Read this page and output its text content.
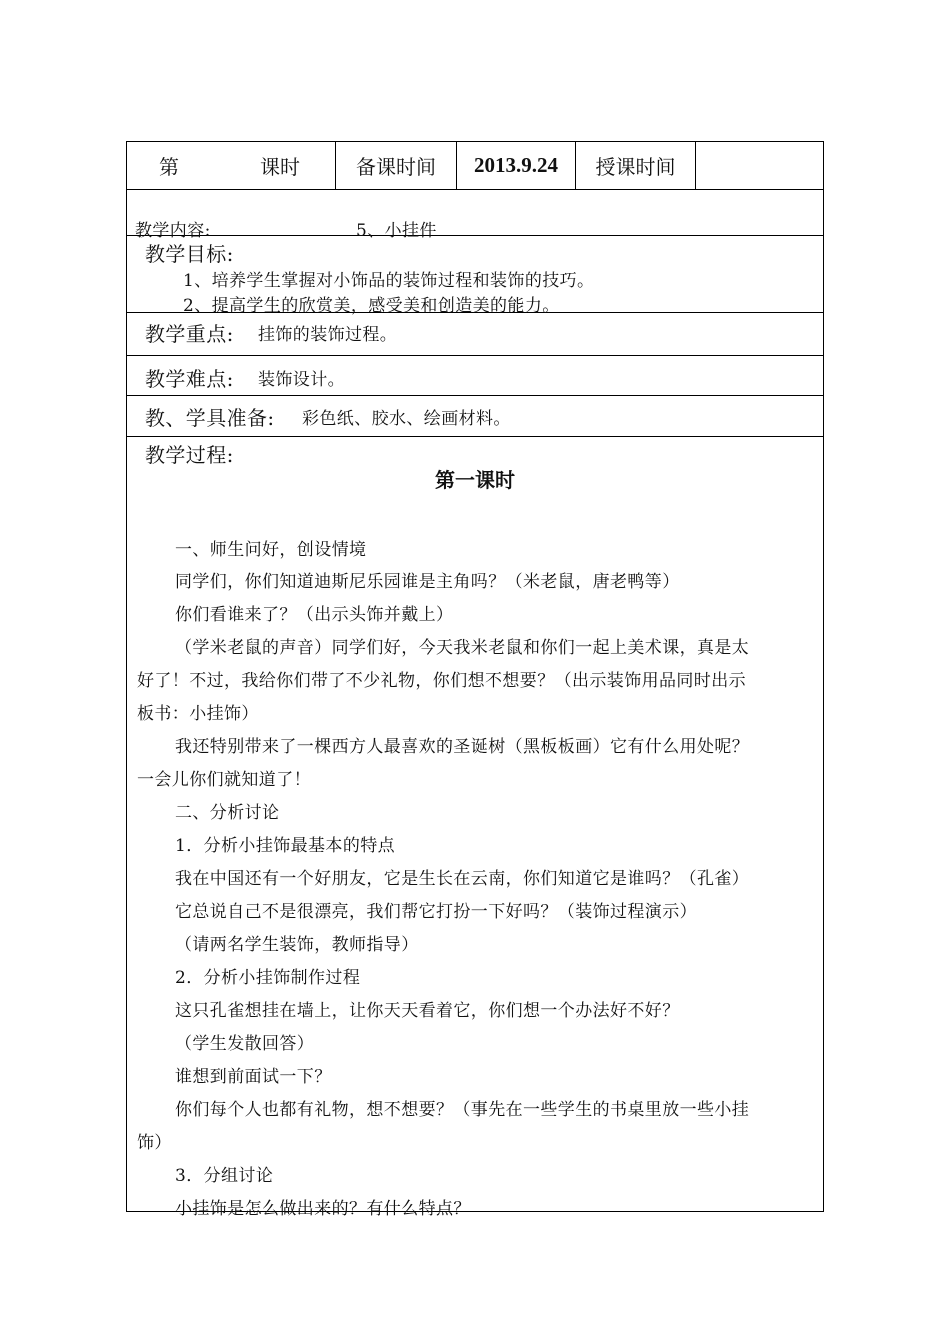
第	课时	备课时间 2013.9.24 授课时间
教学内容:	5、小挂件
教学目标:
1、培养学生掌握对小饰品的装饰过程和装饰的技巧。
2、提高学生的欣赏美，感受美和创造美的能力。
教学重点: 挂饰的装饰过程。
教学难点: 装饰设计。
教、学具准备: 彩色纸、胶水、绘画材料。
教学过程:
第一课时
一、师生问好，创设情境
同学们，你们知道迪斯尼乐园谁是主角吗？（米老鼠，唐老鸭等）
你们看谁来了？（出示头饰并戴上）
（学米老鼠的声音）同学们好，今天我米老鼠和你们一起上美术课，真是太
好了！不过，我给你们带了不少礼物，你们想不想要？（出示装饰用品同时出示
板书：小挂饰）
我还特别带来了一棵西方人最喜欢的圣诞树（黑板板画）它有什么用处呢？
一会儿你们就知道了！
二、分析讨论
1．分析小挂饰最基本的特点
我在中国还有一个好朋友，它是生长在云南，你们知道它是谁吗？（孔雀）
它总说自己不是很漂亮，我们帮它打扮一下好吗？（装饰过程演示）
（请两名学生装饰，教师指导）
2．分析小挂饰制作过程
这只孔雀想挂在墙上，让你天天看着它，你们想一个办法好不好？
（学生发散回答）
谁想到前面试一下？
你们每个人也都有礼物，想不想要？（事先在一些学生的书桌里放一些小挂
饰）
3．分组讨论
小挂饰是怎么做出来的？有什么特点？
